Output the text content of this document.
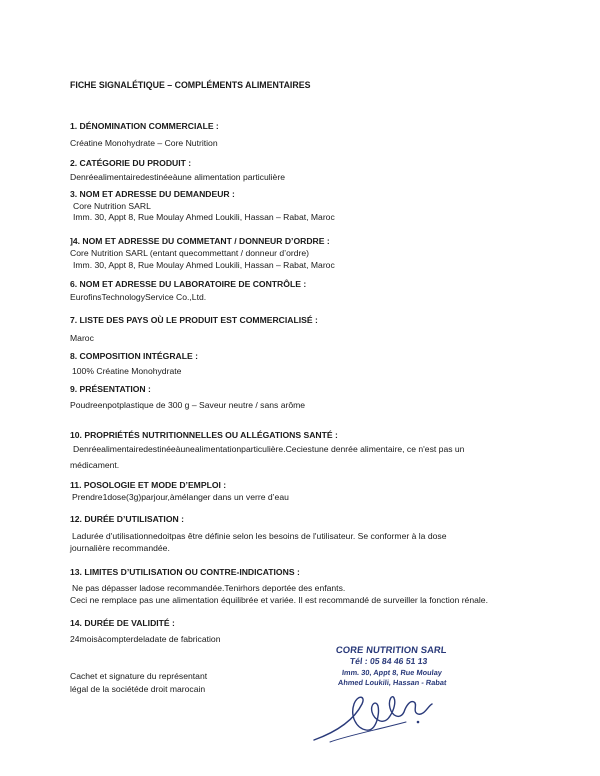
FICHE SIGNALÉTIQUE – COMPLÉMENTS ALIMENTAIRES
1. DÉNOMINATION COMMERCIALE :
Créatine Monohydrate – Core Nutrition
2. CATÉGORIE DU PRODUIT :
Denréealimentairedestinéeàune alimentation particulière
3. NOM ET ADRESSE DU DEMANDEUR :
Core Nutrition SARL
Imm. 30, Appt 8, Rue Moulay Ahmed Loukili, Hassan – Rabat, Maroc
]4. NOM ET ADRESSE DU COMMETANT / DONNEUR D’ORDRE :
Core Nutrition SARL (entant quecommettant / donneur d’ordre)
Imm. 30, Appt 8, Rue Moulay Ahmed Loukili, Hassan – Rabat, Maroc
6. NOM ET ADRESSE DU LABORATOIRE DE CONTRÔLE :
EurofinsTechnologyService Co.,Ltd.
7. LISTE DES PAYS OÙ LE PRODUIT EST COMMERCIALISÉ :
Maroc
8. COMPOSITION INTÉGRALE :
100% Créatine Monohydrate
9. PRÉSENTATION :
Poudreenpotplastique de 300 g – Saveur neutre / sans arôme
10. PROPRIÉTÉS NUTRITIONNELLES OU ALLÉGATIONS SANTÉ :
Denréealimentairedestinéeàunealimentationparticulière.Ceciestune denrée alimentaire, ce n'est pas un
médicament.
11. POSOLOGIE ET MODE D’EMPLOI :
Prendre1dose(3g)parjour,àmélanger dans un verre d’eau
12. DURÉE D’UTILISATION :
Ladurée d'utilisationnedoitpas être définie selon les besoins de l'utilisateur. Se conformer à la dose
journalière recommandée.
13. LIMITES D’UTILISATION OU CONTRE-INDICATIONS :
Ne pas dépasser ladose recommandée.Tenirhors deportée des enfants.
Ceci ne remplace pas une alimentation équilibrée et variée. Il est recommandé de surveiller la fonction rénale.
14. DURÉE DE VALIDITÉ :
24moisàcompterdeladate de fabrication
Cachet et signature du représentant
légal de la sociétéde droit marocain
CORE NUTRITION SARL
Tél : 05 84 46 51 13
Imm. 30, Appt 8, Rue Moulay
Ahmed Loukili, Hassan - Rabat
